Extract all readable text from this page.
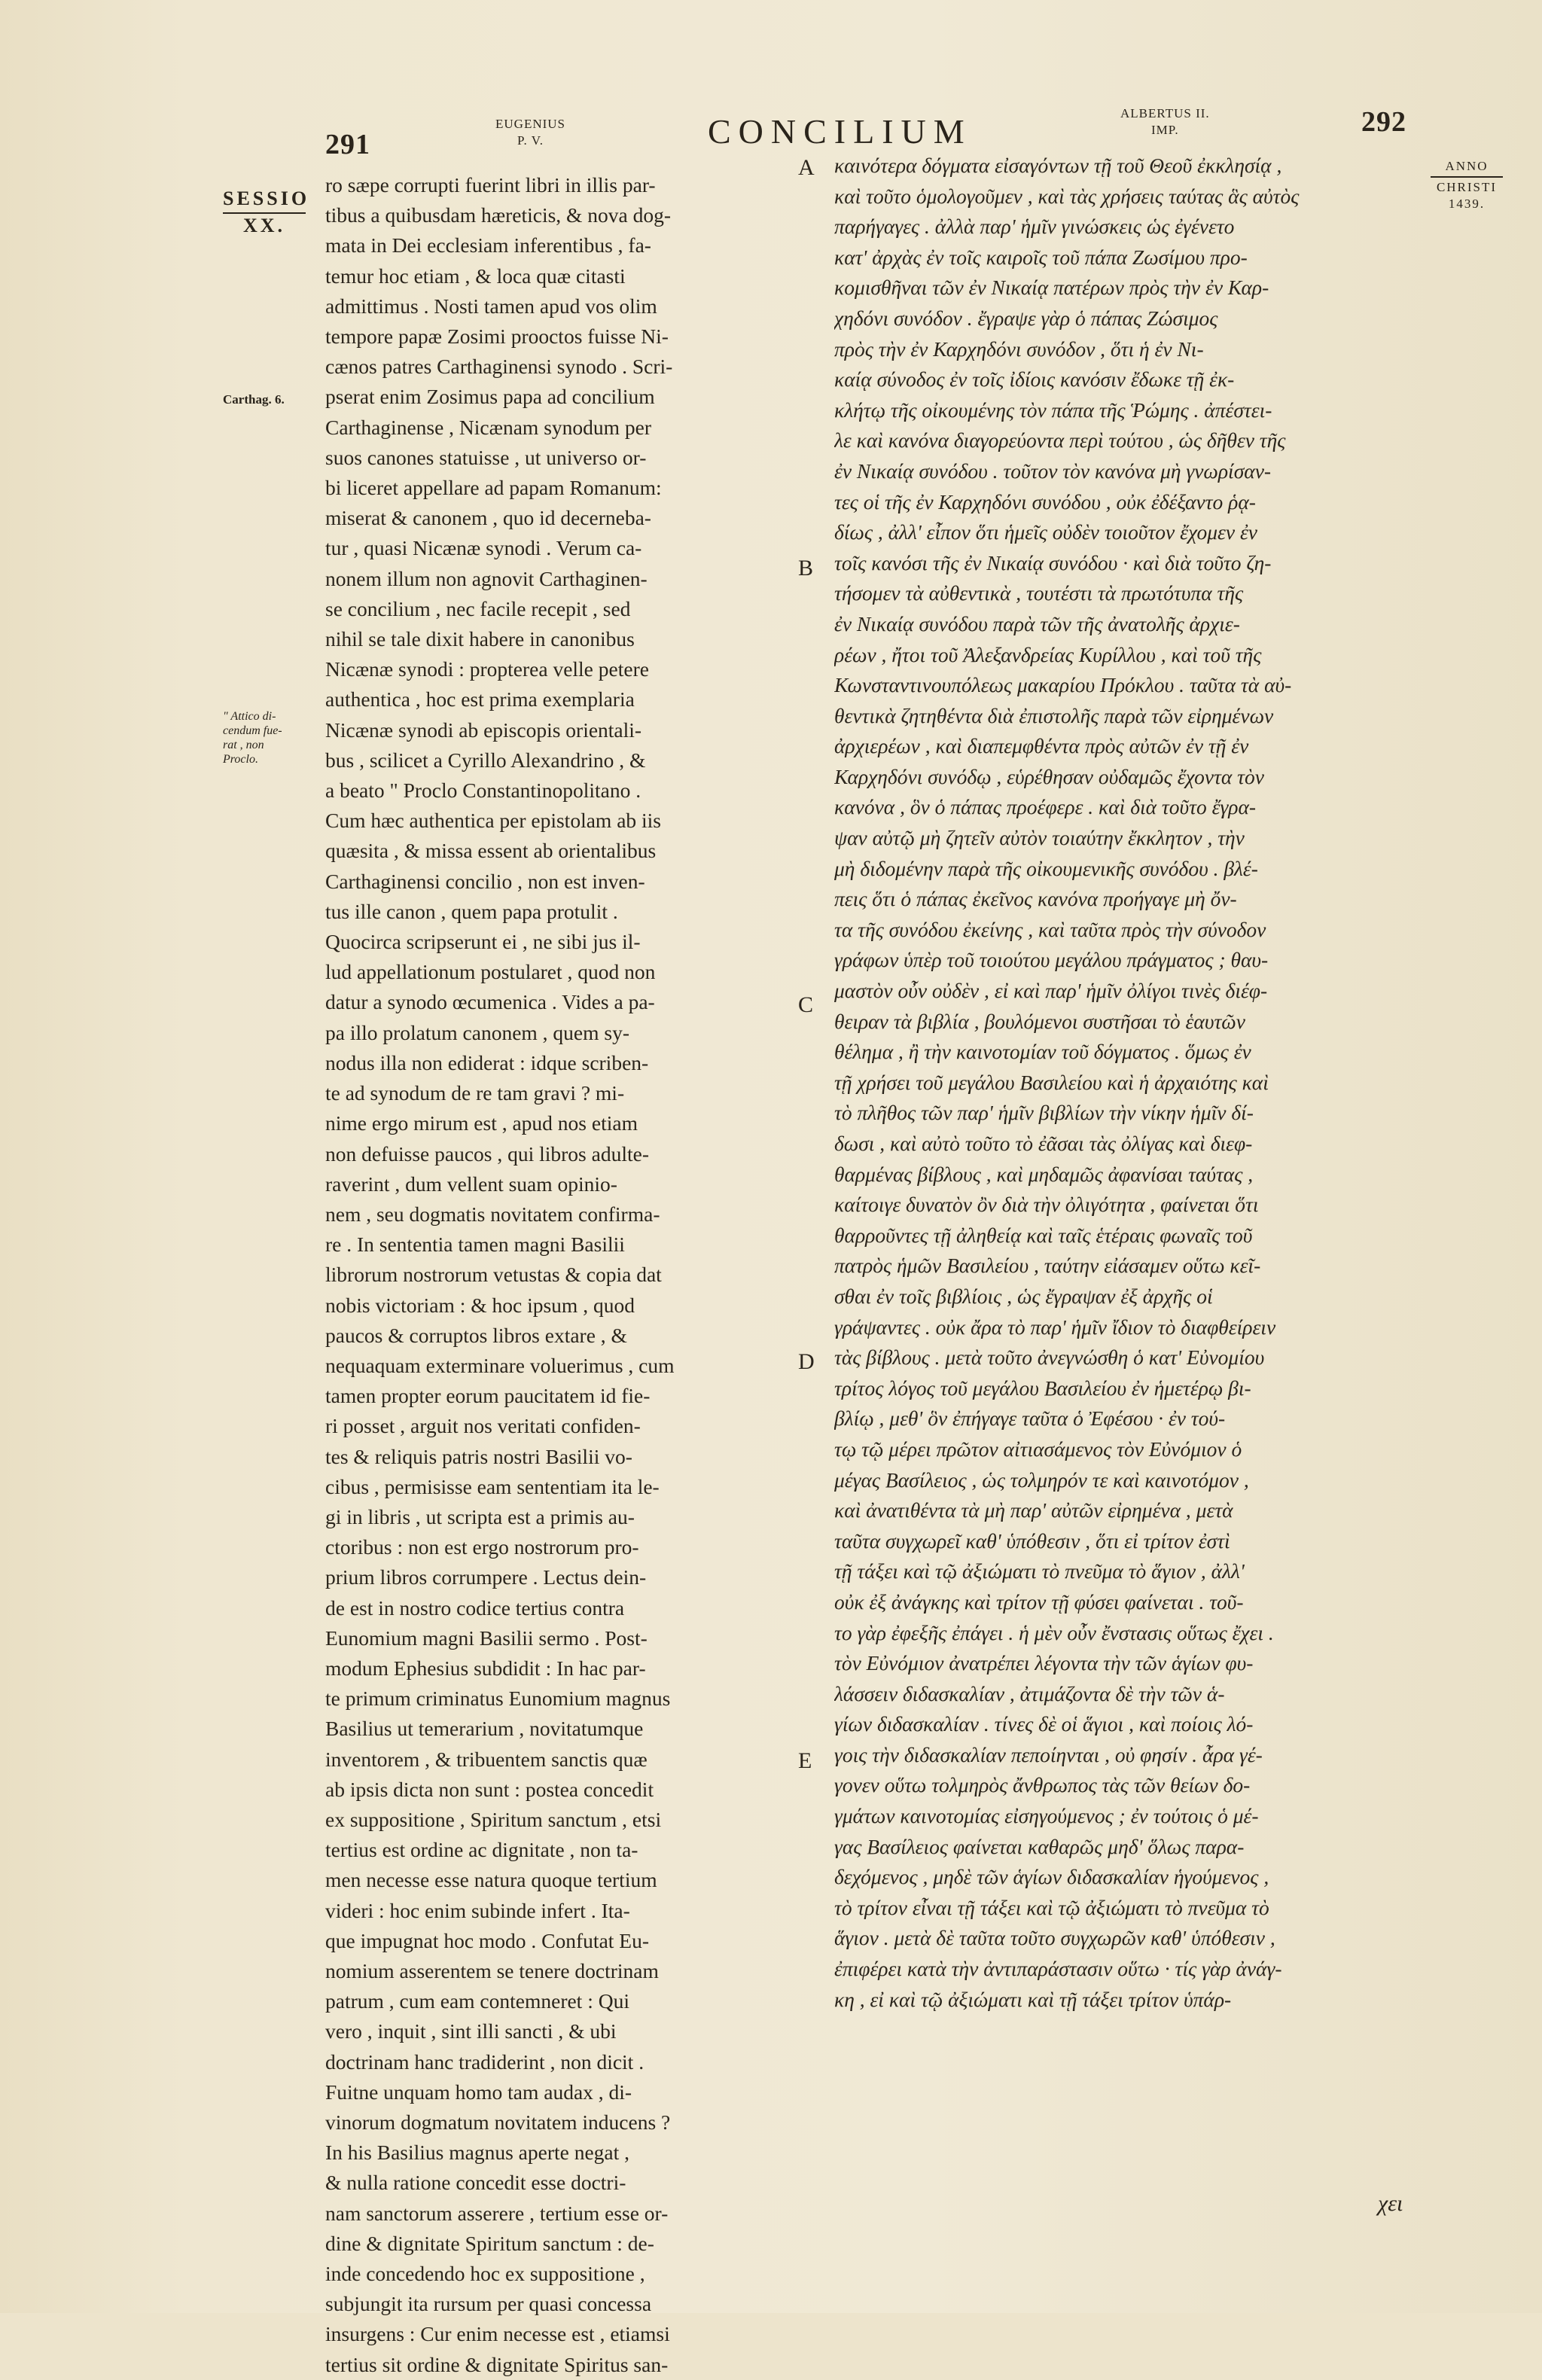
291
EUGENIUS
P. V.	CONCILIUM	ALBERTUS II.
IMP.	292
SESSIO
XX.
Carthag. 6.
" Attico di-
cendum fue-
rat , non
Proclo.
ANNO
CHRISTI
1439.
ro sæpe corrupti fuerint libri in illis par-
tibus a quibusdam hæreticis, & nova dog-
mata in Dei ecclesiam inferentibus , fa-
temur hoc etiam , & loca quæ citasti
admittimus . Nosti tamen apud vos olim
tempore papæ Zosimi prooctos fuisse Ni-
cænos patres Carthaginensi synodo . Scri-
pserat enim Zosimus papa ad concilium
Carthaginense , Nicænam synodum per
suos canones statuisse , ut universo or-
bi liceret appellare ad papam Romanum:
miserat & canonem , quo id decerneba-
tur , quasi Nicænæ synodi . Verum ca-
nonem illum non agnovit Carthaginen-
se concilium , nec facile recepit , sed
nihil se tale dixit habere in canonibus
Nicænæ synodi : propterea velle petere
authentica , hoc est prima exemplaria
Nicænæ synodi ab episcopis orientali-
bus , scilicet a Cyrillo Alexandrino , &
a beato " Proclo Constantinopolitano .
Cum hæc authentica per epistolam ab iis
quæsita , & missa essent ab orientalibus
Carthaginensi concilio , non est inven-
tus ille canon , quem papa protulit .
Quocirca scripserunt ei , ne sibi jus il-
lud appellationum postularet , quod non
datur a synodo œcumenica . Vides a pa-
pa illo prolatum canonem , quem sy-
nodus illa non ediderat : idque scriben-
te ad synodum de re tam gravi ? mi-
nime ergo mirum est , apud nos etiam
non defuisse paucos , qui libros adulte-
raverint , dum vellent suam opinio-
nem , seu dogmatis novitatem confirma-
re . In sententia tamen magni Basilii
librorum nostrorum vetustas & copia dat
nobis victoriam : & hoc ipsum , quod
paucos & corruptos libros extare , &
nequaquam exterminare voluerimus , cum
tamen propter eorum paucitatem id fie-
ri posset , arguit nos veritati confiden-
tes & reliquis patris nostri Basilii vo-
cibus , permisisse eam sententiam ita le-
gi in libris , ut scripta est a primis au-
ctoribus : non est ergo nostrorum pro-
prium libros corrumpere . Lectus dein-
de est in nostro codice tertius contra
Eunomium magni Basilii sermo . Post-
modum Ephesius subdidit : In hac par-
te primum criminatus Eunomium magnus
Basilius ut temerarium , novitatumque
inventorem , & tribuentem sanctis quæ
ab ipsis dicta non sunt : postea concedit
ex suppositione , Spiritum sanctum , etsi
tertius est ordine ac dignitate , non ta-
men necesse esse natura quoque tertium
videri : hoc enim subinde infert . Ita-
que impugnat hoc modo . Confutat Eu-
nomium asserentem se tenere doctrinam
patrum , cum eam contemneret : Qui
vero , inquit , sint illi sancti , & ubi
doctrinam hanc tradiderint , non dicit .
Fuitne unquam homo tam audax , di-
vinorum dogmatum novitatem inducens ?
In his Basilius magnus aperte negat ,
& nulla ratione concedit esse doctri-
nam sanctorum asserere , tertium esse or-
dine & dignitate Spiritum sanctum : de-
inde concedendo hoc ex suppositione ,
subjungit ita rursum per quasi concessa
insurgens : Cur enim necesse est , etiamsi
tertius sit ordine & dignitate Spiritus san-
καινότερα δόγματα εἰσαγόντων τῇ τοῦ Θεοῦ ἐκκλησίᾳ ,
καὶ τοῦτο ὁμολογοῦμεν , καὶ τὰς χρήσεις ταύτας ἃς αὐτὸς
παρήγαγες . ἀλλὰ παρ' ἡμῖν γινώσκεις ὡς ἐγένετο
κατ' ἀρχὰς ἐν τοῖς καιροῖς τοῦ πάπα Ζωσίμου προ-
κομισθῆναι τῶν ἐν Νικαίᾳ πατέρων πρὸς τὴν ἐν Καρ-
χηδόνι συνόδον . ἔγραψε γὰρ ὁ πάπας Ζώσιμος
πρὸς τὴν ἐν Καρχηδόνι συνόδον , ὅτι ἡ ἐν Νι-
καίᾳ σύνοδος ἐν τοῖς ἰδίοις κανόσιν ἔδωκε τῇ ἐκ-
κλήτῳ τῆς οἰκουμένης τὸν πάπα τῆς Ῥώμης . ἀπέστει-
λε καὶ κανόνα διαγορεύοντα περὶ τούτου , ὡς δῆθεν τῆς
ἐν Νικαίᾳ συνόδου . τοῦτον τὸν κανόνα μὴ γνωρίσαν-
τες οἱ τῆς ἐν Καρχηδόνι συνόδου , οὐκ ἐδέξαντο ῥᾳ-
δίως , ἀλλ' εἶπον ὅτι ἡμεῖς οὐδὲν τοιοῦτον ἔχομεν ἐν
τοῖς κανόσι τῆς ἐν Νικαίᾳ συνόδου · καὶ διὰ τοῦτο ζη-
τήσομεν τὰ αὐθεντικὰ , τουτέστι τὰ πρωτότυπα τῆς
ἐν Νικαίᾳ συνόδου παρὰ τῶν τῆς ἀνατολῆς ἀρχιε-
ρέων , ἤτοι τοῦ Ἀλεξανδρείας Κυρίλλου , καὶ τοῦ τῆς
Κωνσταντινουπόλεως μακαρίου Πρόκλου . ταῦτα τὰ αὐ-
θεντικὰ ζητηθέντα διὰ ἐπιστολῆς παρὰ τῶν εἰρημένων
ἀρχιερέων , καὶ διαπεμφθέντα πρὸς αὐτῶν ἐν τῇ ἐν
Καρχηδόνι συνόδῳ , εὑρέθησαν οὐδαμῶς ἔχοντα τὸν
κανόνα , ὃν ὁ πάπας προέφερε . καὶ διὰ τοῦτο ἔγρα-
ψαν αὐτῷ μὴ ζητεῖν αὐτὸν τοιαύτην ἔκκλητον , τὴν
μὴ διδομένην παρὰ τῆς οἰκουμενικῆς συνόδου . βλέ-
πεις ὅτι ὁ πάπας ἐκεῖνος κανόνα προήγαγε μὴ ὄν-
τα τῆς συνόδου ἐκείνης , καὶ ταῦτα πρὸς τὴν σύνοδον
γράφων ὑπὲρ τοῦ τοιούτου μεγάλου πράγματος ; θαυ-
μαστὸν οὖν οὐδὲν , εἰ καὶ παρ' ἡμῖν ὀλίγοι τινὲς διέφ-
θειραν τὰ βιβλία , βουλόμενοι συστῆσαι τὸ ἑαυτῶν
θέλημα , ἢ τὴν καινοτομίαν τοῦ δόγματος . ὅμως ἐν
τῇ χρήσει τοῦ μεγάλου Βασιλείου καὶ ἡ ἀρχαιότης καὶ
τὸ πλῆθος τῶν παρ' ἡμῖν βιβλίων τὴν νίκην ἡμῖν δί-
δωσι , καὶ αὐτὸ τοῦτο τὸ ἐᾶσαι τὰς ὀλίγας καὶ διεφ-
θαρμένας βίβλους , καὶ μηδαμῶς ἀφανίσαι ταύτας ,
καίτοιγε δυνατὸν ὂν διὰ τὴν ὀλιγότητα , φαίνεται ὅτι
θαρροῦντες τῇ ἀληθείᾳ καὶ ταῖς ἑτέραις φωναῖς τοῦ
πατρὸς ἡμῶν Βασιλείου , ταύτην εἰάσαμεν οὕτω κεῖ-
σθαι ἐν τοῖς βιβλίοις , ὡς ἔγραψαν ἐξ ἀρχῆς οἱ
γράψαντες . οὐκ ἄρα τὸ παρ' ἡμῖν ἴδιον τὸ διαφθείρειν
τὰς βίβλους . μετὰ τοῦτο ἀνεγνώσθη ὁ κατ' Εὐνομίου
τρίτος λόγος τοῦ μεγάλου Βασιλείου ἐν ἡμετέρῳ βι-
βλίῳ , μεθ' ὃν ἐπήγαγε ταῦτα ὁ Ἐφέσου · ἐν τού-
τῳ τῷ μέρει πρῶτον αἰτιασάμενος τὸν Εὐνόμιον ὁ
μέγας Βασίλειος , ὡς τολμηρόν τε καὶ καινοτόμον ,
καὶ ἀνατιθέντα τὰ μὴ παρ' αὐτῶν εἰρημένα , μετὰ
ταῦτα συγχωρεῖ καθ' ὑπόθεσιν , ὅτι εἰ τρίτον ἐστὶ
τῇ τάξει καὶ τῷ ἀξιώματι τὸ πνεῦμα τὸ ἅγιον , ἀλλ'
οὐκ ἐξ ἀνάγκης καὶ τρίτον τῇ φύσει φαίνεται . τοῦ-
το γὰρ ἐφεξῆς ἐπάγει . ἡ μὲν οὖν ἔνστασις οὕτως ἔχει .
τὸν Εὐνόμιον ἀνατρέπει λέγοντα τὴν τῶν ἁγίων φυ-
λάσσειν διδασκαλίαν , ἀτιμάζοντα δὲ τὴν τῶν ἁ-
γίων διδασκαλίαν . τίνες δὲ οἱ ἅγιοι , καὶ ποίοις λό-
γοις τὴν διδασκαλίαν πεποίηνται , οὐ φησίν . ἆρα γέ-
γονεν οὕτω τολμηρὸς ἄνθρωπος τὰς τῶν θείων δο-
γμάτων καινοτομίας εἰσηγούμενος ; ἐν τούτοις ὁ μέ-
γας Βασίλειος φαίνεται καθαρῶς μηδ' ὅλως παρα-
δεχόμενος , μηδὲ τῶν ἁγίων διδασκαλίαν ἡγούμενος ,
τὸ τρίτον εἶναι τῇ τάξει καὶ τῷ ἀξιώματι τὸ πνεῦμα τὸ
ἅγιον . μετὰ δὲ ταῦτα τοῦτο συγχωρῶν καθ' ὑπόθεσιν ,
ἐπιφέρει κατὰ τὴν ἀντιπαράστασιν οὕτω · τίς γὰρ ἀνάγ-
κη , εἰ καὶ τῷ ἀξιώματι καὶ τῇ τάξει τρίτον ὑπάρ-
A
B
C
D
E
χει
